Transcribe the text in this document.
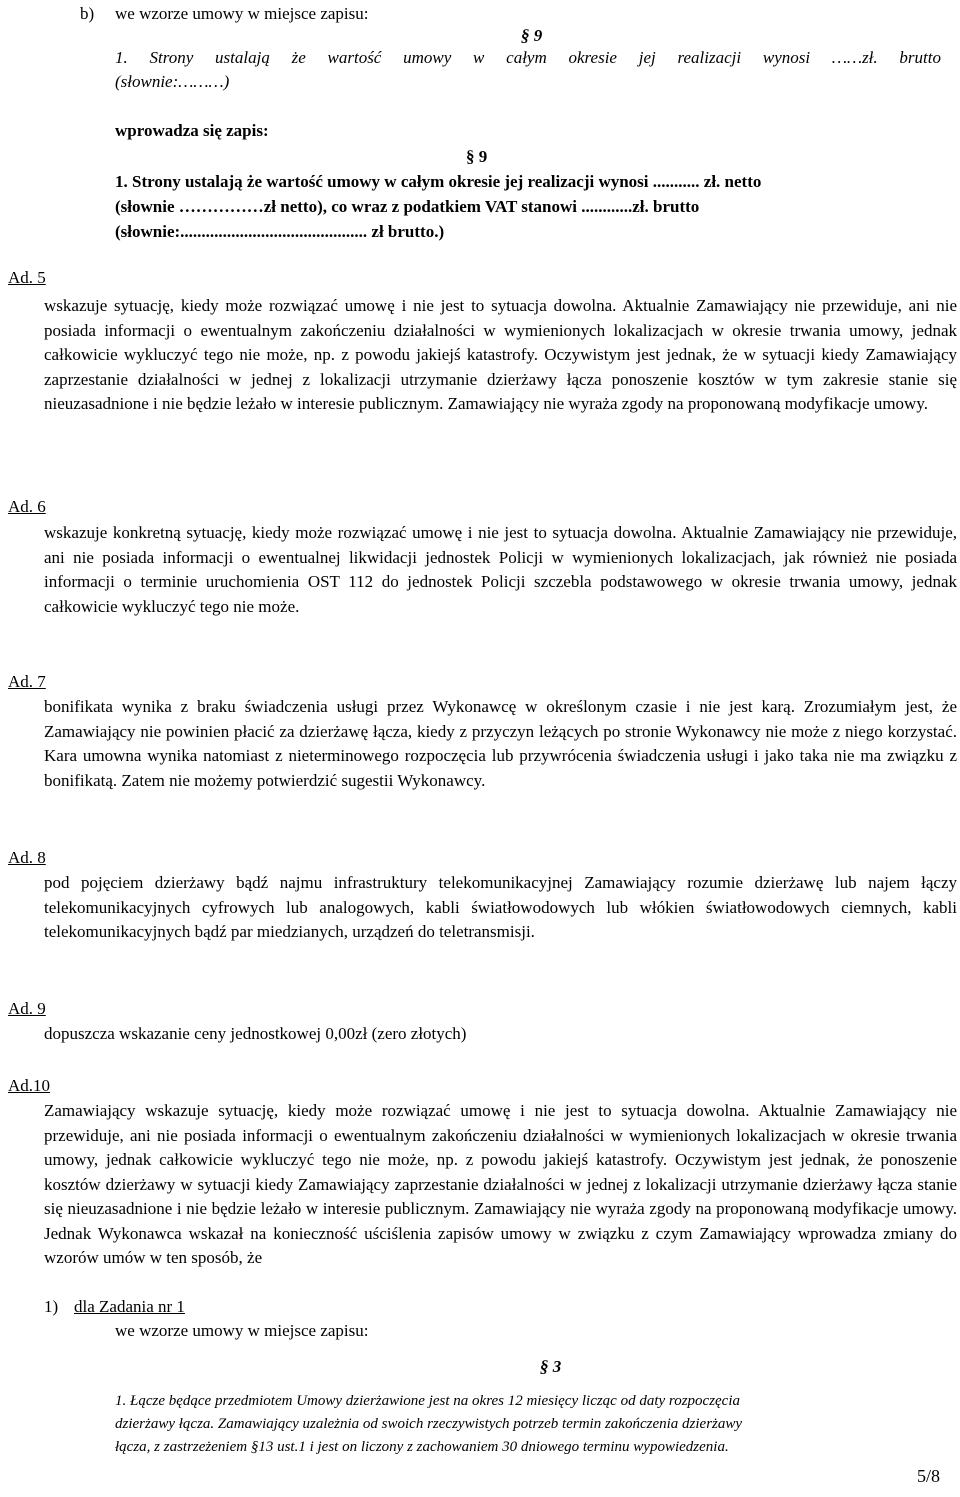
b) we wzorze umowy w miejsce zapisu:
§ 9
1. Strony ustalają że wartość umowy w całym okresie jej realizacji wynosi ……zł. brutto
(słownie:………)
wprowadza się zapis:
§ 9
1. Strony ustalają że wartość umowy w całym okresie jej realizacji wynosi ........... zł. netto
(słownie ……………zł netto), co wraz z podatkiem VAT stanowi ............zł. brutto
(słownie:............................................ zł brutto.)
Ad. 5
wskazuje sytuację, kiedy może rozwiązać umowę i nie jest to sytuacja dowolna. Aktualnie Zamawiający nie przewiduje, ani nie posiada informacji o ewentualnym zakończeniu działalności w wymienionych lokalizacjach w okresie trwania umowy, jednak całkowicie wykluczyć tego nie może, np. z powodu jakiejś katastrofy. Oczywistym jest jednak, że w sytuacji kiedy Zamawiający zaprzestanie działalności w jednej z lokalizacji utrzymanie dzierżawy łącza ponoszenie kosztów w tym zakresie stanie się nieuzasadnione i nie będzie leżało w interesie publicznym. Zamawiający nie wyraża zgody na proponowaną modyfikacje umowy.
Ad. 6
wskazuje konkretną sytuację, kiedy może rozwiązać umowę i nie jest to sytuacja dowolna. Aktualnie Zamawiający nie przewiduje, ani nie posiada informacji o ewentualnej likwidacji jednostek Policji w wymienionych lokalizacjach, jak również nie posiada informacji o terminie uruchomienia OST 112 do jednostek Policji szczebla podstawowego w okresie trwania umowy, jednak całkowicie wykluczyć tego nie może.
Ad. 7
bonifikata wynika z braku świadczenia usługi przez Wykonawcę w określonym czasie i nie jest karą. Zrozumiałym jest, że Zamawiający nie powinien płacić za dzierżawę łącza, kiedy z przyczyn leżących po stronie Wykonawcy nie może z niego korzystać. Kara umowna wynika natomiast z nieterminowego rozpoczęcia lub przywrócenia świadczenia usługi i jako taka nie ma związku z bonifikatą. Zatem nie możemy potwierdzić sugestii Wykonawcy.
Ad. 8
pod pojęciem dzierżawy bądź najmu infrastruktury telekomunikacyjnej Zamawiający rozumie dzierżawę lub najem łączy telekomunikacyjnych cyfrowych lub analogowych, kabli światłowodowych lub włókien światłowodowych ciemnych, kabli telekomunikacyjnych bądź par miedzianych, urządzeń do teletransmisji.
Ad. 9
dopuszcza wskazanie ceny jednostkowej 0,00zł (zero złotych)
Ad.10
Zamawiający wskazuje sytuację, kiedy może rozwiązać umowę i nie jest to sytuacja dowolna. Aktualnie Zamawiający nie przewiduje, ani nie posiada informacji o ewentualnym zakończeniu działalności w wymienionych lokalizacjach w okresie trwania umowy, jednak całkowicie wykluczyć tego nie może, np. z powodu jakiejś katastrofy. Oczywistym jest jednak, że ponoszenie kosztów dzierżawy w sytuacji kiedy Zamawiający zaprzestanie działalności w jednej z lokalizacji utrzymanie dzierżawy łącza stanie się nieuzasadnione i nie będzie leżało w interesie publicznym. Zamawiający nie wyraża zgody na proponowaną modyfikacje umowy. Jednak Wykonawca wskazał na konieczność uściślenia zapisów umowy w związku z czym Zamawiający wprowadza zmiany do wzorów umów w ten sposób, że
1) dla Zadania nr 1
we wzorze umowy w miejsce zapisu:
§ 3
1. Łącze będące przedmiotem Umowy dzierżawione jest na okres 12 miesięcy licząc od daty rozpoczęcia
dzierżawy łącza. Zamawiający uzależnia od swoich rzeczywistych potrzeb termin zakończenia dzierżawy
łącza, z zastrzeżeniem §13 ust.1 i jest on liczony z zachowaniem 30 dniowego terminu wypowiedzenia.
5/8
